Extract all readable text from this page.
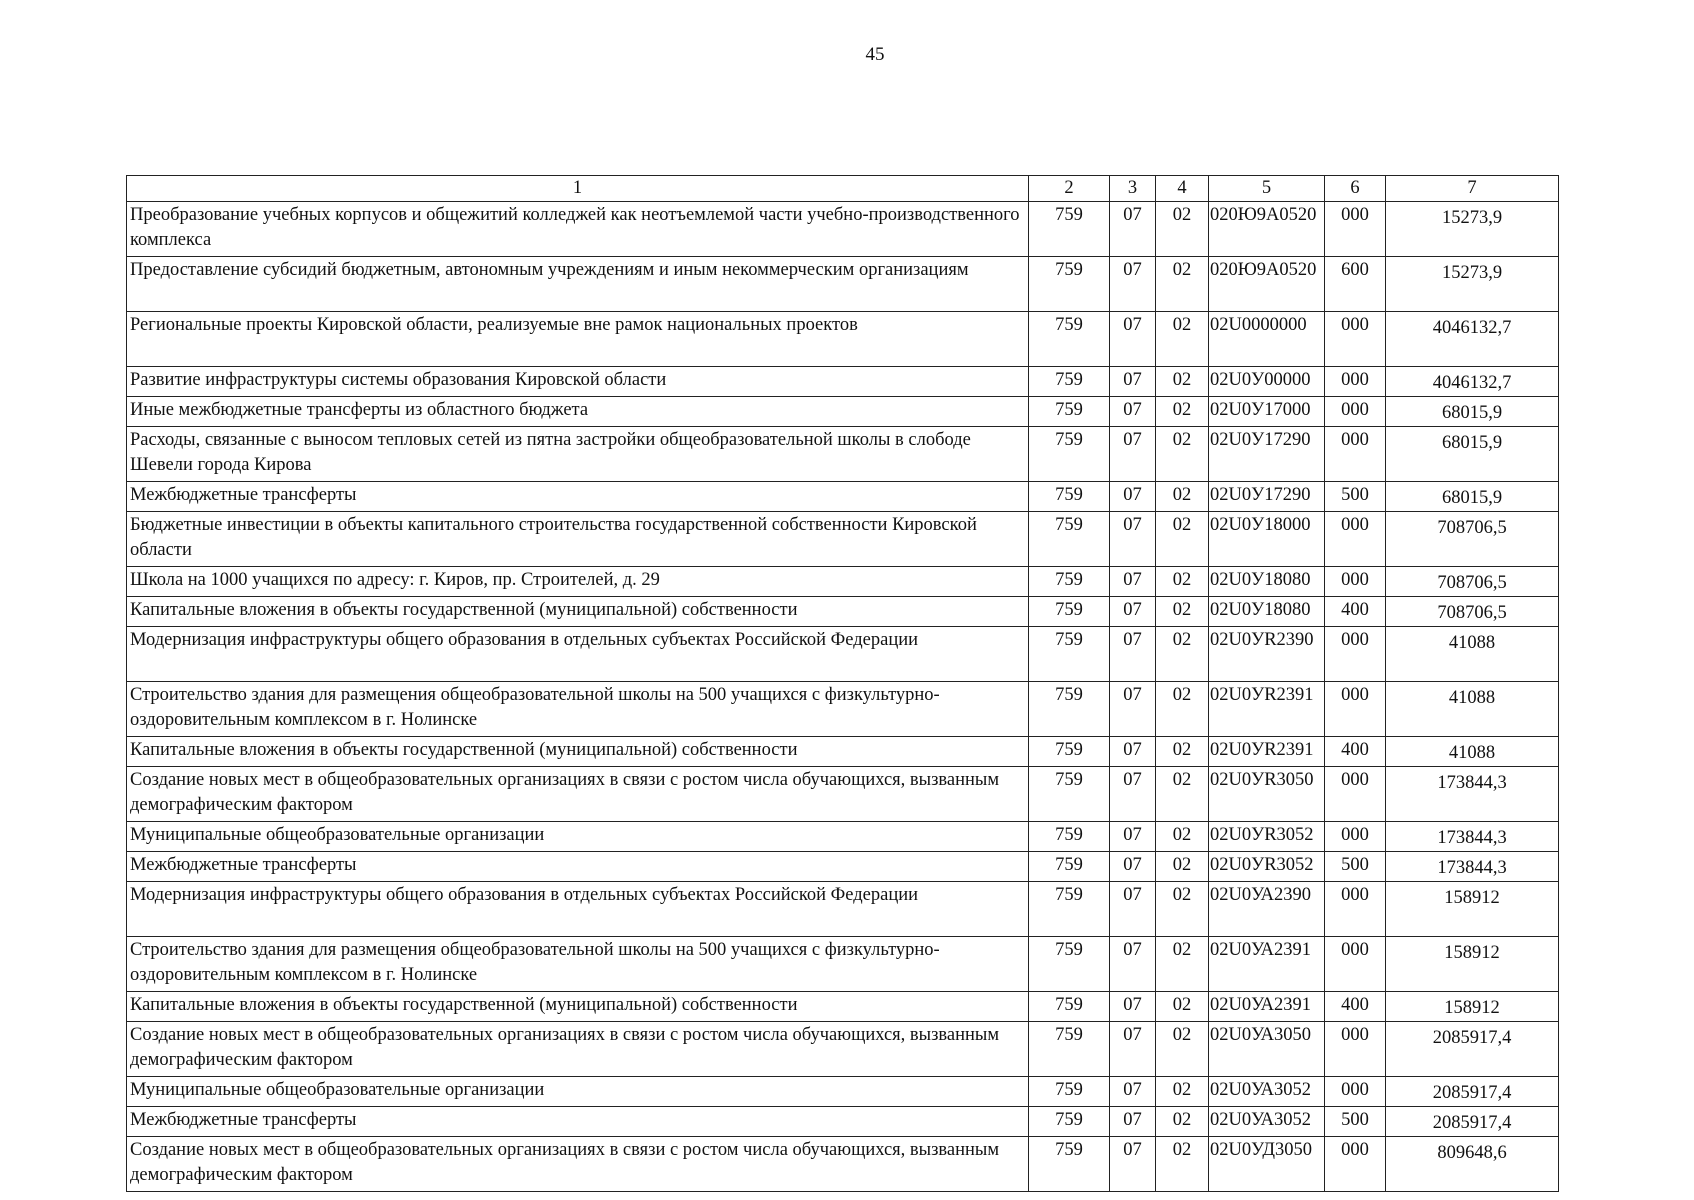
45
1	2	3	4	5	6	7
Преобразование учебных корпусов и общежитий колледжей как неотъемлемой части учебно-производственного комплекса	759	07	02	020Ю9А0520	000	15273,9
Предоставление субсидий бюджетным, автономным учреждениям и иным некоммерческим организациям	759	07	02	020Ю9А0520	600	15273,9
Региональные проекты Кировской области, реализуемые вне рамок национальных проектов	759	07	02	02U0000000	000	4046132,7
Развитие инфраструктуры системы образования Кировской области	759	07	02	02U0У00000	000	4046132,7
Иные межбюджетные трансферты из областного бюджета	759	07	02	02U0У17000	000	68015,9
Расходы, связанные с выносом тепловых сетей из пятна застройки общеобразовательной школы в слободе Шевели города Кирова	759	07	02	02U0У17290	000	68015,9
Межбюджетные трансферты	759	07	02	02U0У17290	500	68015,9
Бюджетные инвестиции в объекты капитального строительства государственной собственности Кировской области	759	07	02	02U0У18000	000	708706,5
Школа на 1000 учащихся по адресу: г. Киров, пр. Строителей, д. 29	759	07	02	02U0У18080	000	708706,5
Капитальные вложения в объекты государственной (муниципальной) собственности	759	07	02	02U0У18080	400	708706,5
Модернизация инфраструктуры общего образования в отдельных субъектах Российской Федерации	759	07	02	02U0УR2390	000	41088
Строительство здания для размещения общеобразовательной школы на 500 учащихся с физкультурно-оздоровительным комплексом в г. Нолинске	759	07	02	02U0УR2391	000	41088
Капитальные вложения в объекты государственной (муниципальной) собственности	759	07	02	02U0УR2391	400	41088
Создание новых мест в общеобразовательных организациях в связи с ростом числа обучающихся, вызванным демографическим фактором	759	07	02	02U0УR3050	000	173844,3
Муниципальные общеобразовательные организации	759	07	02	02U0УR3052	000	173844,3
Межбюджетные трансферты	759	07	02	02U0УR3052	500	173844,3
Модернизация инфраструктуры общего образования в отдельных субъектах Российской Федерации	759	07	02	02U0УА2390	000	158912
Строительство здания для размещения общеобразовательной школы на 500 учащихся с физкультурно-оздоровительным комплексом в г. Нолинске	759	07	02	02U0УА2391	000	158912
Капитальные вложения в объекты государственной (муниципальной) собственности	759	07	02	02U0УА2391	400	158912
Создание новых мест в общеобразовательных организациях в связи с ростом числа обучающихся, вызванным демографическим фактором	759	07	02	02U0УА3050	000	2085917,4
Муниципальные общеобразовательные организации	759	07	02	02U0УА3052	000	2085917,4
Межбюджетные трансферты	759	07	02	02U0УА3052	500	2085917,4
Создание новых мест в общеобразовательных организациях в связи с ростом числа обучающихся, вызванным демографическим фактором	759	07	02	02U0УД3050	000	809648,6
